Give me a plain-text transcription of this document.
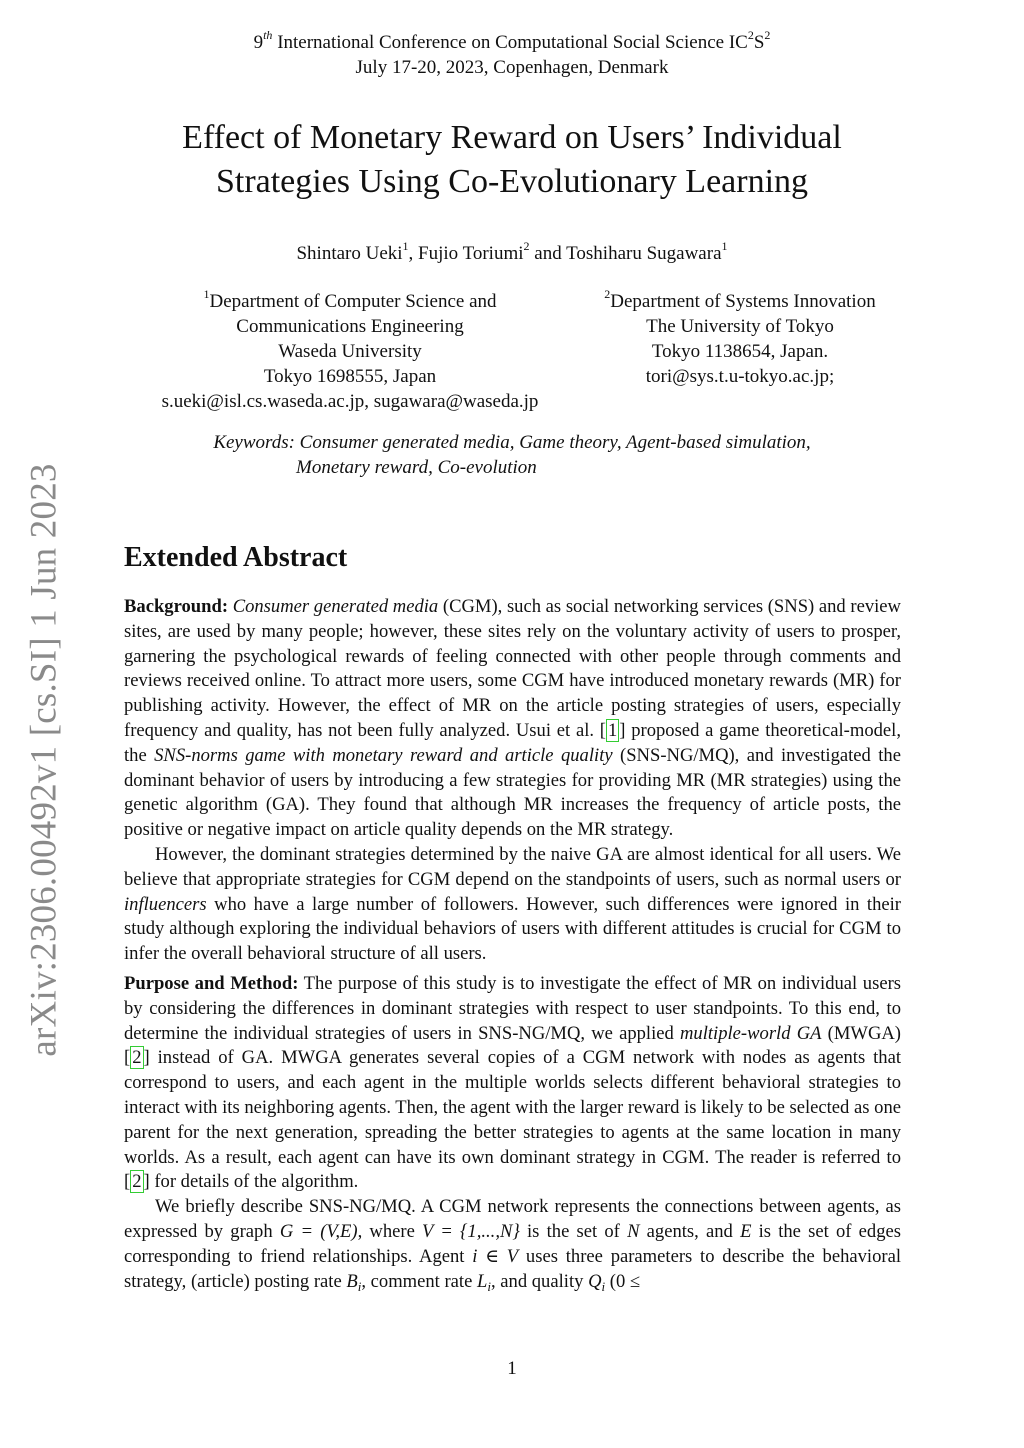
arXiv:2306.00492v1 [cs.SI] 1 Jun 2023
9th International Conference on Computational Social Science $IC^2S^2$
July 17-20, 2023, Copenhagen, Denmark
Effect of Monetary Reward on Users’ Individual
Strategies Using Co-Evolutionary Learning
Shintaro Ueki$^1$, Fujio Toriumi$^2$ and Toshiharu Sugawara$^1$
$^1$Department of Computer Science and
Communications Engineering
Waseda University
Tokyo 1698555, Japan
s.ueki@isl.cs.waseda.ac.jp, sugawara@waseda.jp
$^2$Department of Systems Innovation
The University of Tokyo
Tokyo 1138654, Japan.
tori@sys.t.u-tokyo.ac.jp;
Keywords: Consumer generated media, Game theory, Agent-based simulation,
Monetary reward, Co-evolution
Extended Abstract

Background: Consumer generated media (CGM), such as social networking services (SNS) and review sites, are used by many people; however, these sites rely on the voluntary activity of users to prosper, garnering the psychological rewards of feeling connected with other people through comments and reviews received online. To attract more users, some CGM have introduced monetary rewards (MR) for publishing activity. However, the effect of MR on the article posting strategies of users, especially frequency and quality, has not been fully analyzed. Usui et al. [ 1 ] proposed a game theoretical-model, the SNS-norms game with monetary reward and article quality (SNS-NG/MQ), and investigated the dominant behavior of users by introducing a few strategies for providing MR (MR strategies) using the genetic algorithm (GA). They found that although MR increases the frequency of article posts, the positive or negative impact on article quality depends on the MR strategy.

However, the dominant strategies determined by the naive GA are almost identical for all users. We believe that appropriate strategies for CGM depend on the standpoints of users, such as normal users or influencers who have a large number of followers. However, such differences were ignored in their study although exploring the individual behaviors of users with different attitudes is crucial for CGM to infer the overall behavioral structure of all users.

Purpose and Method: The purpose of this study is to investigate the effect of MR on individual users by considering the differences in dominant strategies with respect to user standpoints. To this end, to determine the individual strategies of users in SNS-NG/MQ, we applied multiple-world GA (MWGA) [ 2 ] instead of GA. MWGA generates several copies of a CGM network with nodes as agents that correspond to users, and each agent in the multiple worlds selects different behavioral strategies to interact with its neighboring agents. Then, the agent with the larger reward is likely to be selected as one parent for the next generation, spreading the better strategies to agents at the same location in many worlds. As a result, each agent can have its own dominant strategy in CGM. The reader is referred to [ 2 ] for details of the algorithm.

We briefly describe SNS-NG/MQ. A CGM network represents the connections between agents, as expressed by graph G = (V,E), where V = {1,...,N} is the set of N agents, and E is the set of edges corresponding to friend relationships. Agent i ∈ V uses three parameters to describe the behavioral strategy, (article) posting rate $B_i$, comment rate $L_i$, and quality $Q_i$ (0 ≤

1
